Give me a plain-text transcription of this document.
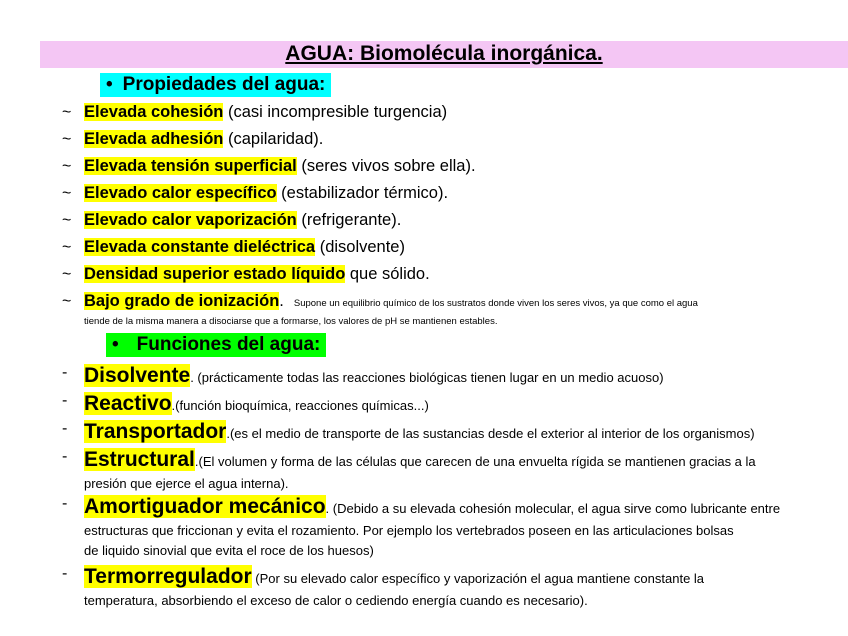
AGUA: Biomolécula inorgánica.
• Propiedades del agua:
~ Elevada cohesión (casi incompresible turgencia)
~ Elevada adhesión (capilaridad).
~ Elevada tensión superficial (seres vivos sobre ella).
~ Elevado calor específico (estabilizador térmico).
~ Elevado calor vaporización (refrigerante).
~ Elevada constante dieléctrica (disolvente)
~ Densidad superior estado líquido que sólido.
~ Bajo grado de ionización. Supone un equilibrio químico de los sustratos donde viven los seres vivos, ya que como el agua
tiende de la misma manera a disociarse que a formarse, los valores de pH se mantienen estables.
• Funciones del agua:
- Disolvente. (prácticamente todas las reacciones biológicas tienen lugar en un medio acuoso)
- Reactivo.(función bioquímica, reacciones químicas...)
- Transportador.(es el medio de transporte de las sustancias desde el exterior al interior de los organismos)
- Estructural.(El volumen y forma de las células que carecen de una envuelta rígida se mantienen gracias a la
presión que ejerce el agua interna).
- Amortiguador mecánico. (Debido a su elevada cohesión molecular, el agua sirve como lubricante entre
estructuras que friccionan y evita el rozamiento. Por ejemplo los vertebrados poseen en las articulaciones bolsas
de liquido sinovial que evita el roce de los huesos)
- Termorregulador (Por su elevado calor específico y vaporización el agua mantiene constante la
temperatura, absorbiendo el exceso de calor o cediendo energía cuando es necesario).
